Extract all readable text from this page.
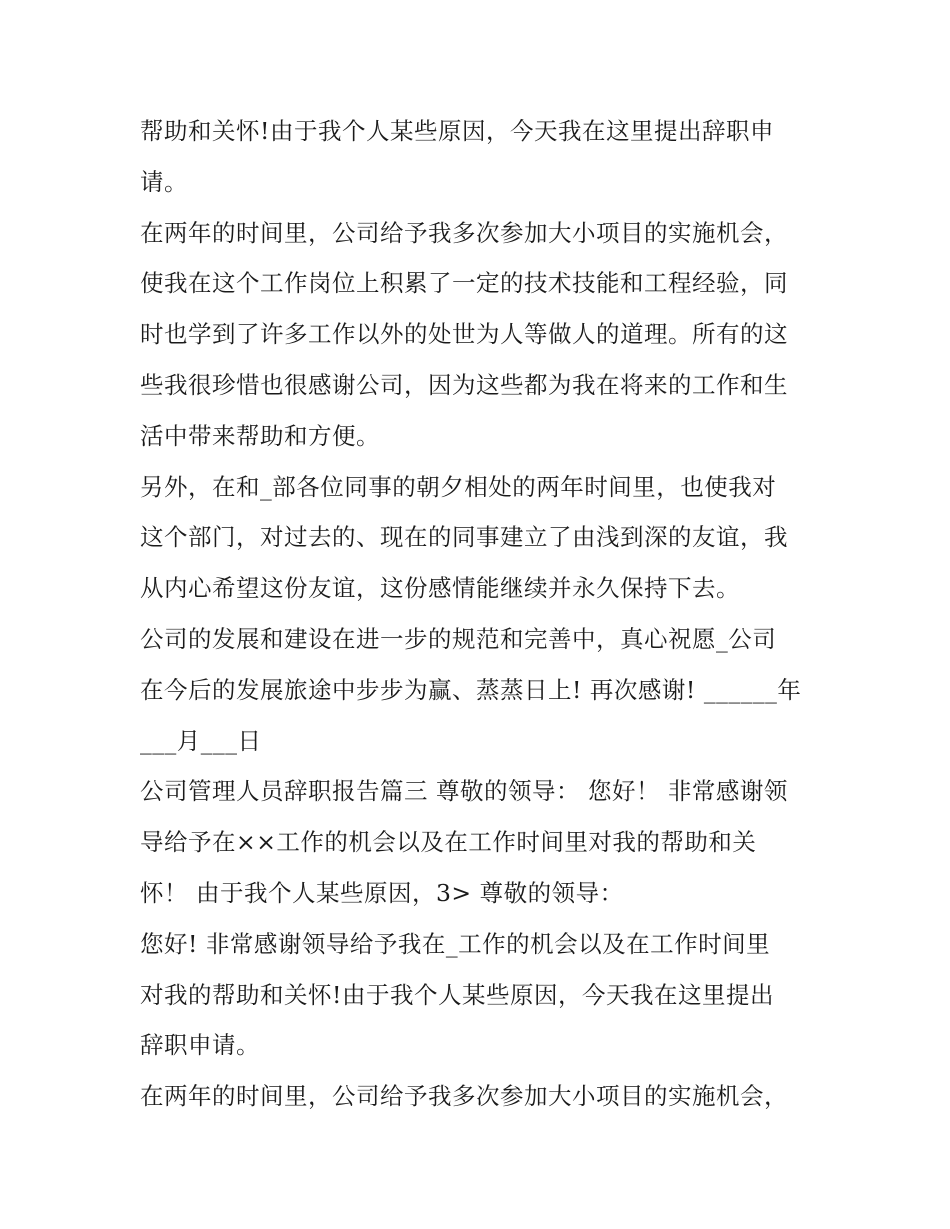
帮助和关怀!由于我个人某些原因，今天我在这里提出辞职申
请。
在两年的时间里，公司给予我多次参加大小项目的实施机会，
使我在这个工作岗位上积累了一定的技术技能和工程经验，同
时也学到了许多工作以外的处世为人等做人的道理。所有的这
些我很珍惜也很感谢公司，因为这些都为我在将来的工作和生
活中带来帮助和方便。
另外，在和_部各位同事的朝夕相处的两年时间里，也使我对
这个部门，对过去的、现在的同事建立了由浅到深的友谊，我
从内心希望这份友谊，这份感情能继续并永久保持下去。
公司的发展和建设在进一步的规范和完善中，真心祝愿_公司
在今后的发展旅途中步步为赢、蒸蒸日上! 再次感谢! ______年
___月___日
公司管理人员辞职报告篇三 尊敬的领导： 您好！ 非常感谢领
导给予在××工作的机会以及在工作时间里对我的帮助和关
怀！ 由于我个人某些原因，3> 尊敬的领导：
您好! 非常感谢领导给予我在_工作的机会以及在工作时间里
对我的帮助和关怀!由于我个人某些原因，今天我在这里提出
辞职申请。
在两年的时间里，公司给予我多次参加大小项目的实施机会，
